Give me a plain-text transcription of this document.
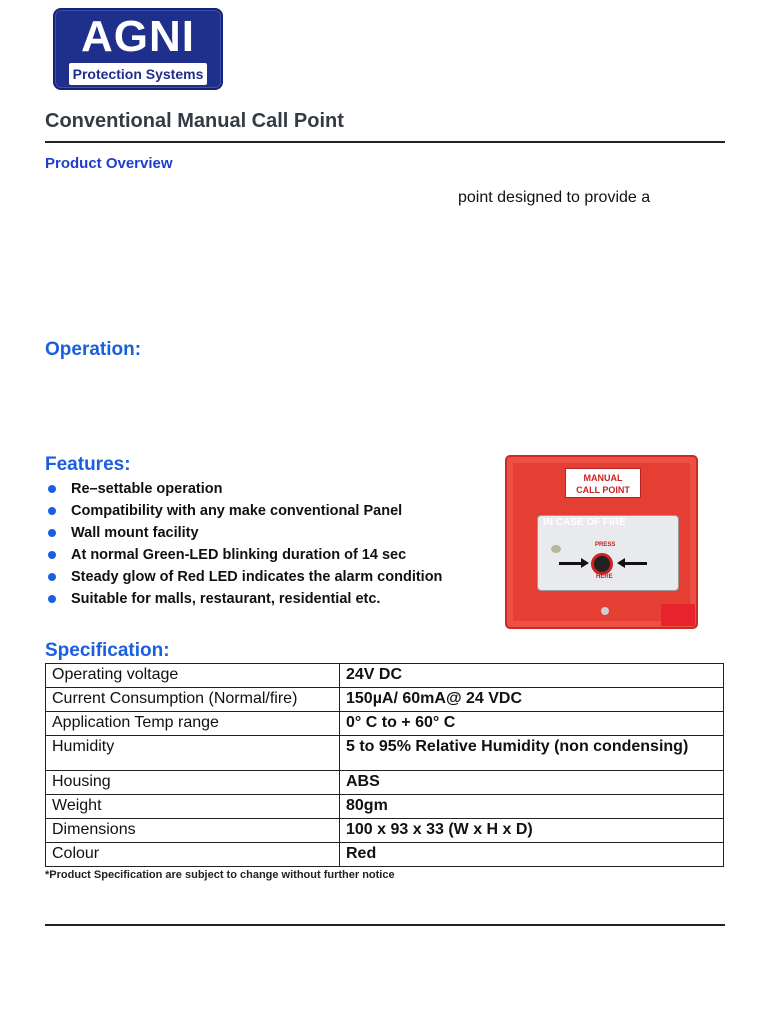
AGNI
Protection Systems
Conventional Manual Call Point
Product Overview
point designed to provide a
Operation:
Features:
Re–settable operation
Compatibility with any make conventional Panel
Wall mount facility
At normal Green-LED blinking duration of 14 sec
Steady glow of Red LED indicates the alarm condition
Suitable for malls, restaurant, residential etc.
MANUAL
CALL POINT
IN CASE OF FIRE
PRESS
HERE
Specification:
Operating voltage	24V DC
Current Consumption (Normal/fire)	150µA/ 60mA@ 24 VDC
Application Temp range	0° C to + 60° C
Humidity	5 to 95% Relative Humidity (non condensing)
Housing	ABS
Weight	80gm
Dimensions	100 x 93 x 33 (W x H x D)
Colour	Red
*Product Specification are subject to change without further notice
